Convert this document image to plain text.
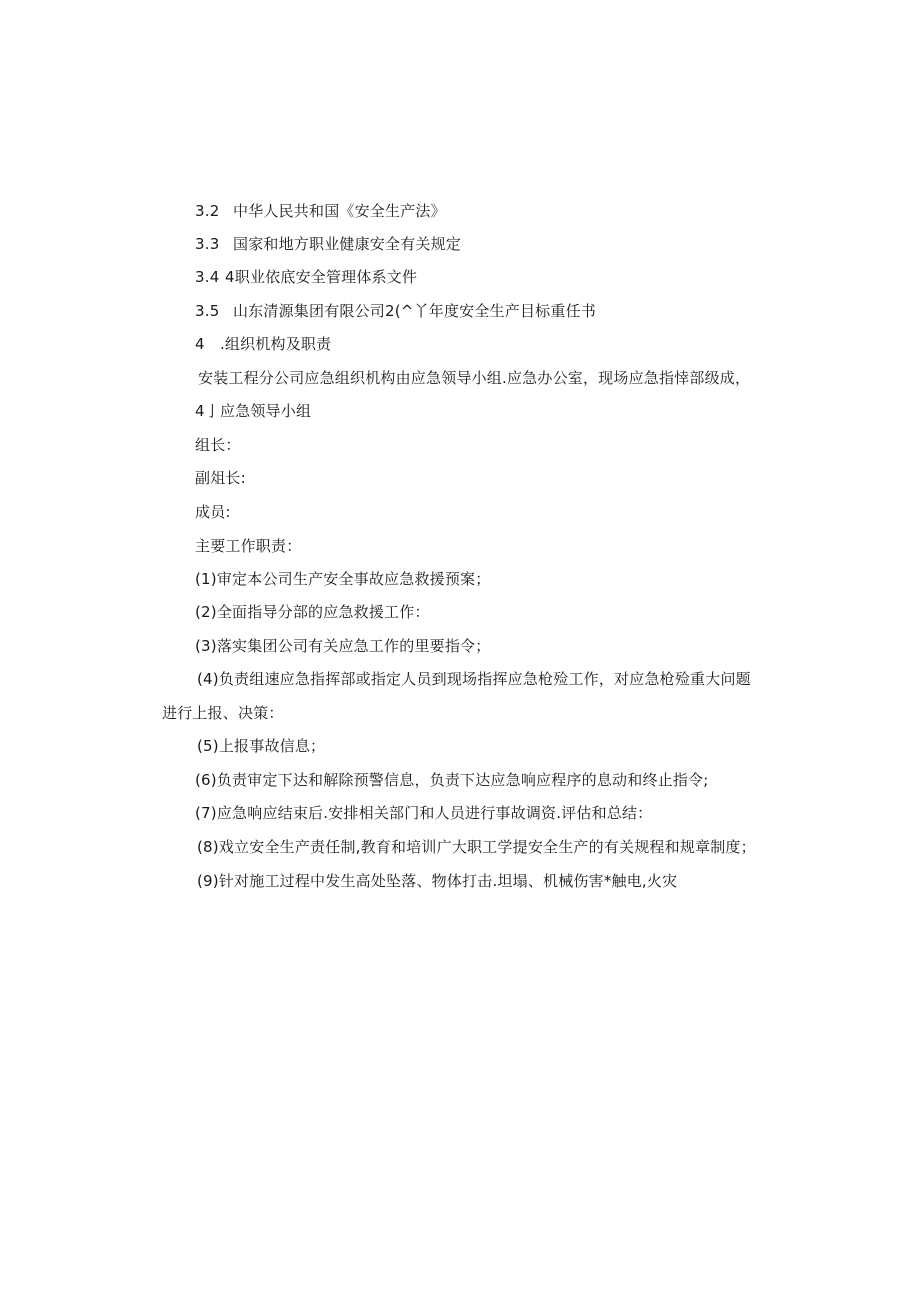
3.2 中华人民共和国《安全生产法》
3.3 国家和地方职业健康安全有关规定
3.4 4职业依底安全管理体系文件
3.5 山东清源集团有限公司2(^丫年度安全生产目标重任书
4　.组织机构及职责
安装工程分公司应急组织机构由应急领导小组.应急办公室，现场应急指悻部级成，
4亅应急领导小组
组长：
副俎长:
成员:
主要工作职责：
(1)审定本公司生产安全事故应急救援预案；
(2)全面指导分部的应急救援工作：
(3)落实集团公司有关应急工作的里要指令；
(4)负责组速应急指挥部或指定人员到现场指挥应急枪殓工作，对应急枪殓重大问题
进行上报、决策：
(5)上报事故信息；
(6)负责审定下达和解除预警信息，负责下达应急响应程序的息动和终止指令;
(7)应急响应结束后.安排相关部门和人员进行事故调资.评估和总结：
(8)戏立安全生产责任制,教育和培训广大职工学提安全生产的有关规程和规章制度；
(9)针对施工过程中发生高处坠落、物体打击.坦塌、机械伤害*触电,火灾
